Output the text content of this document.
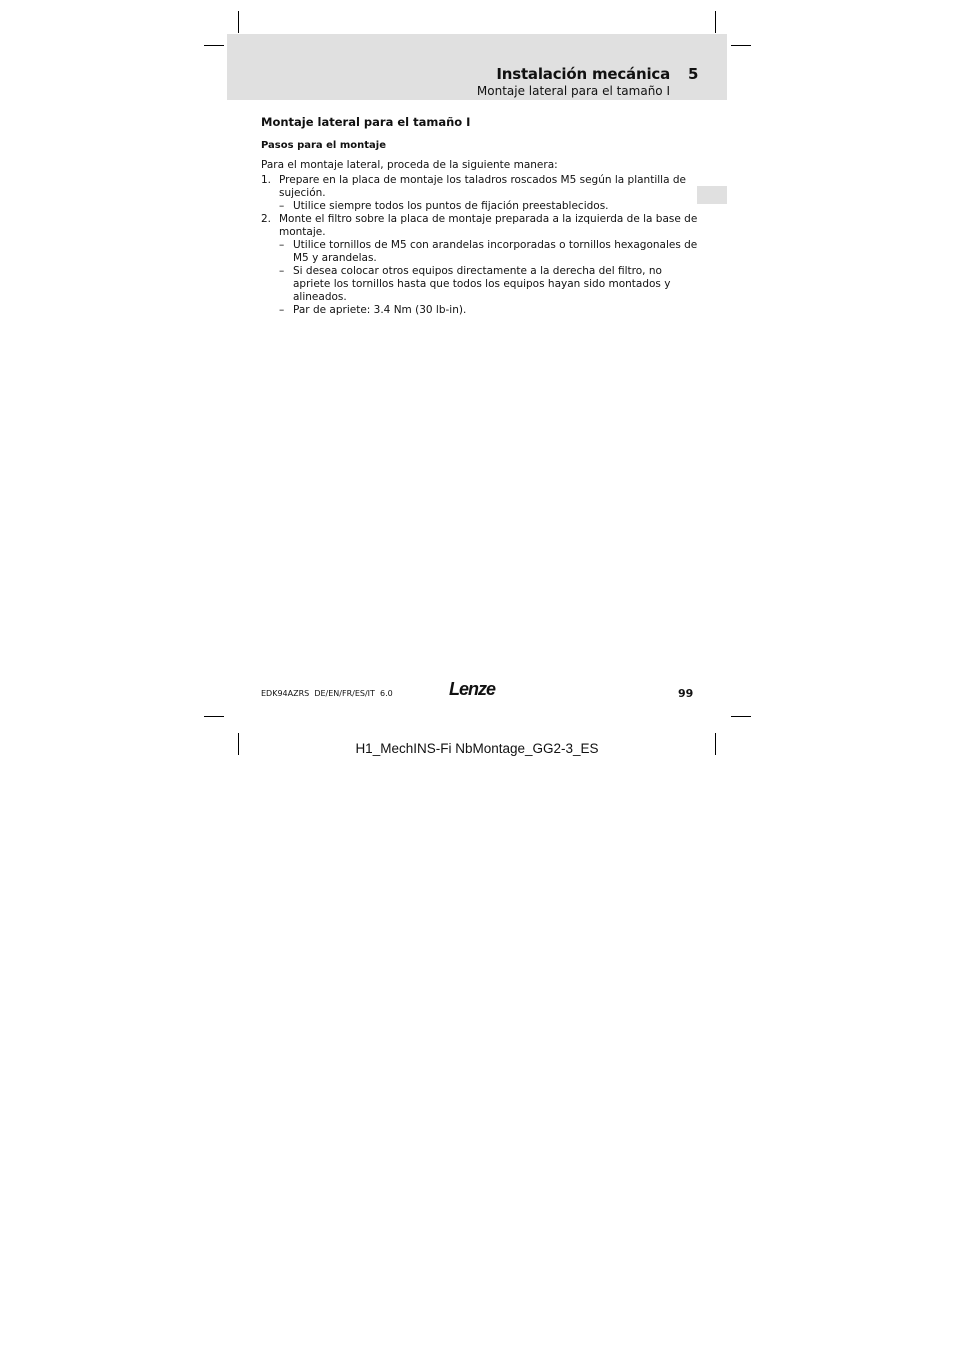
Instalación mecánica 5
Montaje lateral para el tamaño I
Montaje lateral para el tamaño I
Pasos para el montaje

Para el montaje lateral, proceda de la siguiente manera:

1. Prepare en la placa de montaje los taladros roscados M5 según la plantilla de sujeción.

– Utilice siempre todos los puntos de fijación preestablecidos.

2. Monte el filtro sobre la placa de montaje preparada a la izquierda de la base de montaje.

– Utilice tornillos de M5 con arandelas incorporadas o tornillos hexagonales de M5 y arandelas.

– Si desea colocar otros equipos directamente a la derecha del filtro, no apriete los tornillos hasta que todos los equipos hayan sido montados y alineados.

– Par de apriete: 3.4 Nm (30 lb-in).

EDK94AZRS  DE/EN/FR/ES/IT  6.0	Lenze	99
H1_MechINS-Fi NbMontage_GG2-3_ES
